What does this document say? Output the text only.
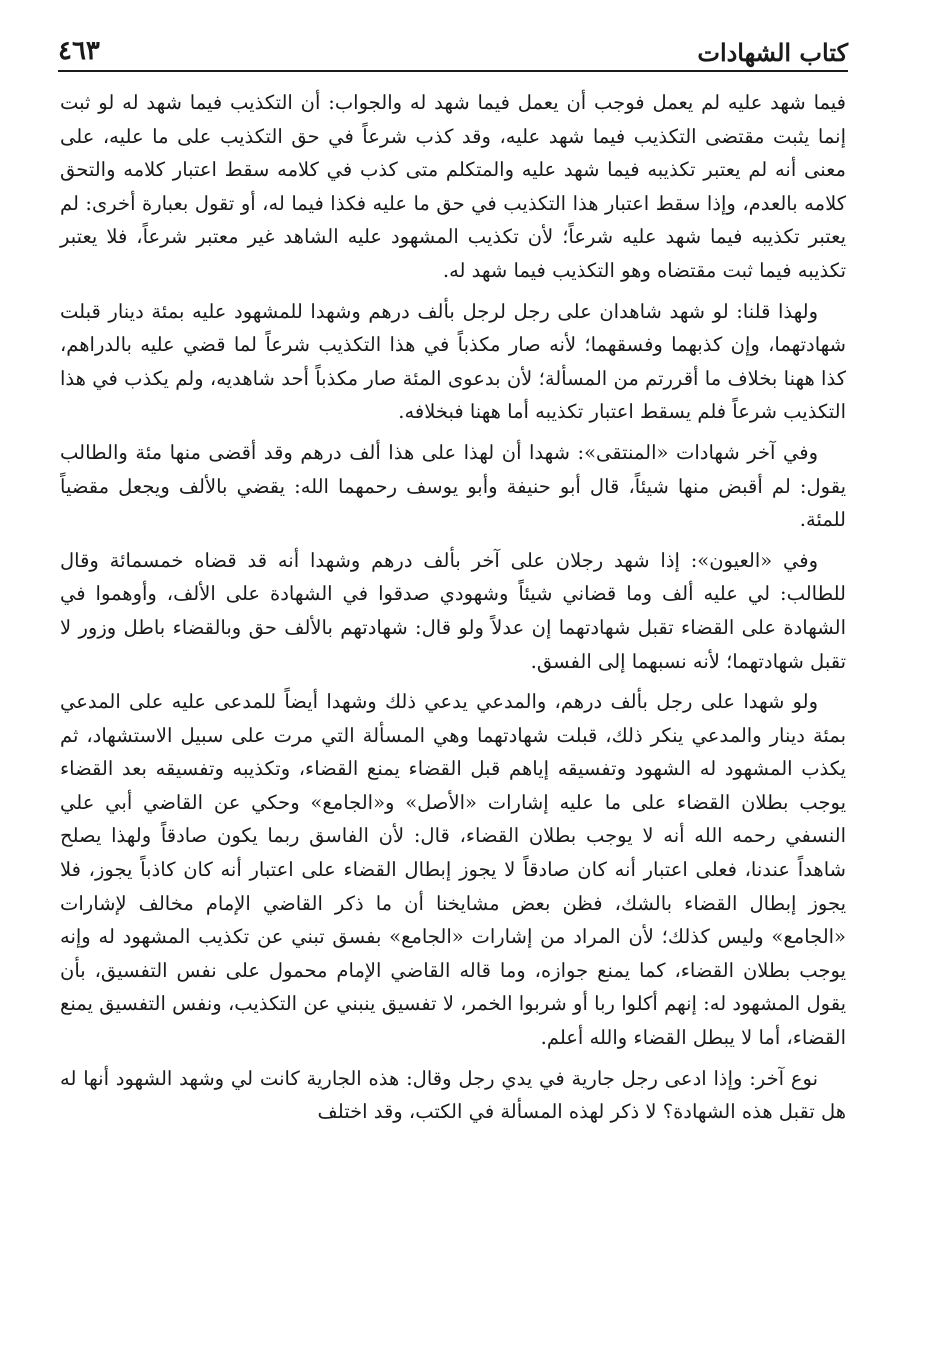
كتاب الشهادات
٤٦٣

فيما شهد عليه لم يعمل فوجب أن يعمل فيما شهد له والجواب: أن التكذيب فيما شهد له لو ثبت إنما يثبت مقتضى التكذيب فيما شهد عليه، وقد كذب شرعاً في حق التكذيب على ما عليه، على معنى أنه لم يعتبر تكذيبه فيما شهد عليه والمتكلم متى كذب في كلامه سقط اعتبار كلامه والتحق كلامه بالعدم، وإذا سقط اعتبار هذا التكذيب في حق ما عليه فكذا فيما له، أو تقول بعبارة أخرى: لم يعتبر تكذيبه فيما شهد عليه شرعاً؛ لأن تكذيب المشهود عليه الشاهد غير معتبر شرعاً، فلا يعتبر تكذيبه فيما ثبت مقتضاه وهو التكذيب فيما شهد له.

ولهذا قلنا: لو شهد شاهدان على رجل لرجل بألف درهم وشهدا للمشهود عليه بمئة دينار قبلت شهادتهما، وإن كذبهما وفسقهما؛ لأنه صار مكذباً في هذا التكذيب شرعاً لما قضي عليه بالدراهم، كذا ههنا بخلاف ما أقررتم من المسألة؛ لأن بدعوى المئة صار مكذباً أحد شاهديه، ولم يكذب في هذا التكذيب شرعاً فلم يسقط اعتبار تكذيبه أما ههنا فبخلافه.

وفي آخر شهادات «المنتقى»: شهدا أن لهذا على هذا ألف درهم وقد أقضى منها مئة والطالب يقول: لم أقبض منها شيئاً، قال أبو حنيفة وأبو يوسف رحمهما الله: يقضي بالألف ويجعل مقضياً للمئة.

وفي «العيون»: إذا شهد رجلان على آخر بألف درهم وشهدا أنه قد قضاه خمسمائة وقال للطالب: لي عليه ألف وما قضاني شيئاً وشهودي صدقوا في الشهادة على الألف، وأوهموا في الشهادة على القضاء تقبل شهادتهما إن عدلاً ولو قال: شهادتهم بالألف حق وبالقضاء باطل وزور لا تقبل شهادتهما؛ لأنه نسبهما إلى الفسق.

ولو شهدا على رجل بألف درهم، والمدعي يدعي ذلك وشهدا أيضاً للمدعى عليه على المدعي بمئة دينار والمدعي ينكر ذلك، قبلت شهادتهما وهي المسألة التي مرت على سبيل الاستشهاد، ثم يكذب المشهود له الشهود وتفسيقه إياهم قبل القضاء يمنع القضاء، وتكذيبه وتفسيقه بعد القضاء يوجب بطلان القضاء على ما عليه إشارات «الأصل» و«الجامع» وحكي عن القاضي أبي علي النسفي رحمه الله أنه لا يوجب بطلان القضاء، قال: لأن الفاسق ربما يكون صادقاً ولهذا يصلح شاهداً عندنا، فعلى اعتبار أنه كان صادقاً لا يجوز إبطال القضاء على اعتبار أنه كان كاذباً يجوز، فلا يجوز إبطال القضاء بالشك، فظن بعض مشايخنا أن ما ذكر القاضي الإمام مخالف لإشارات «الجامع» وليس كذلك؛ لأن المراد من إشارات «الجامع» بفسق تبني عن تكذيب المشهود له وإنه يوجب بطلان القضاء، كما يمنع جوازه، وما قاله القاضي الإمام محمول على نفس التفسيق، بأن يقول المشهود له: إنهم أكلوا ربا أو شربوا الخمر، لا تفسيق ينبني عن التكذيب، ونفس التفسيق يمنع القضاء، أما لا يبطل القضاء والله أعلم.

نوع آخر: وإذا ادعى رجل جارية في يدي رجل وقال: هذه الجارية كانت لي وشهد الشهود أنها له هل تقبل هذه الشهادة؟ لا ذكر لهذه المسألة في الكتب، وقد اختلف
